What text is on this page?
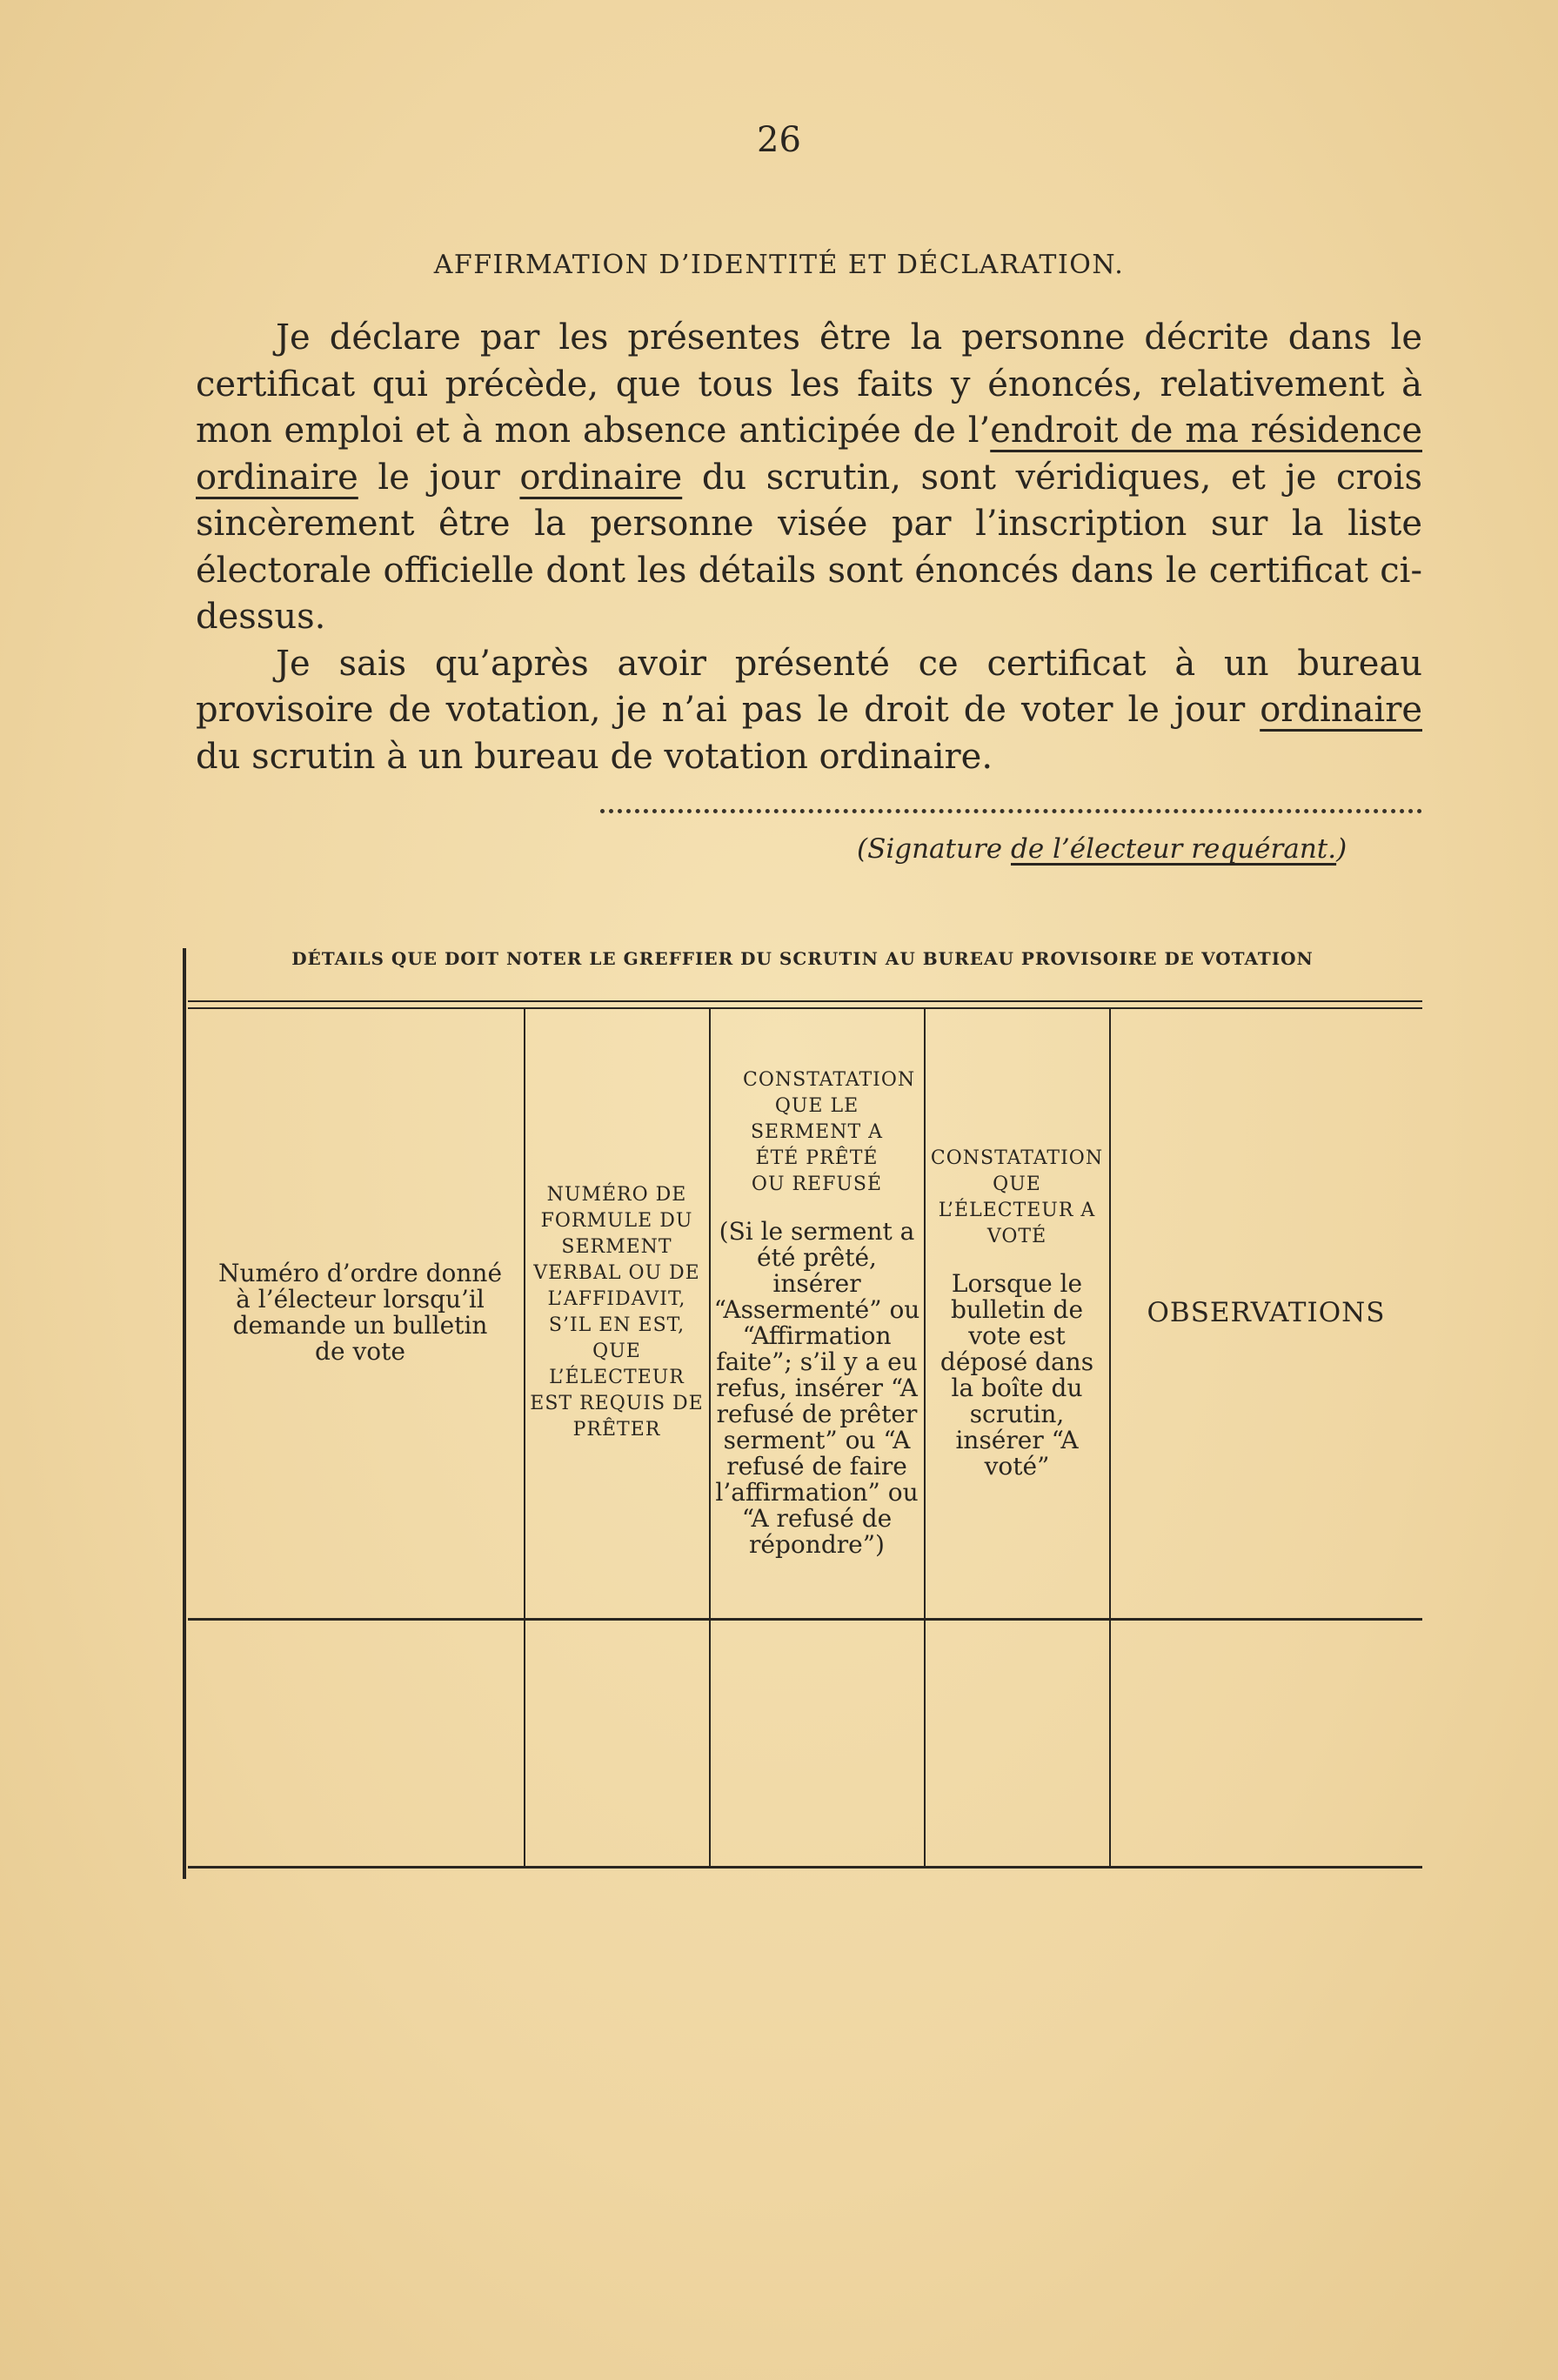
26
AFFIRMATION D’IDENTITÉ ET DÉCLARATION.

Je déclare par les présentes être la personne décrite dans le certificat qui précède, que tous les faits y énoncés, relativement à mon emploi et à mon absence anticipée de l’endroit de ma résidence ordinaire le jour ordinaire du scrutin, sont véridiques, et je crois sincèrement être la personne visée par l’inscription sur la liste électorale officielle dont les détails sont énoncés dans le certificat ci-dessus.

Je sais qu’après avoir présenté ce certificat à un bureau provisoire de votation, je n’ai pas le droit de voter le jour ordinaire du scrutin à un bureau de votation ordinaire.

(Signature de l’électeur requérant.)
DÉTAILS QUE DOIT NOTER LE GREFFIER DU SCRUTIN AU BUREAU PROVISOIRE DE VOTATION
Numéro d’ordre donné à l’électeur lorsqu’il demande un bulletin de vote
NUMÉRO DE FORMULE DU SERMENT VERBAL OU DE L’AFFIDAVIT, S’IL EN EST, QUE L’ÉLECTEUR EST REQUIS DE PRÊTER
CONSTATATION QUE LE SERMENT A ÉTÉ PRÊTÉ OU REFUSÉ
(Si le serment a été prêté, insérer “Assermenté” ou “Affirmation faite”; s’il y a eu refus, insérer “A refusé de prêter serment” ou “A refusé de faire l’affirmation” ou “A refusé de répondre”)
CONSTATATION QUE L’ÉLECTEUR A VOTÉ
Lorsque le bulletin de vote est déposé dans la boîte du scrutin, insérer “A voté”
OBSERVATIONS
